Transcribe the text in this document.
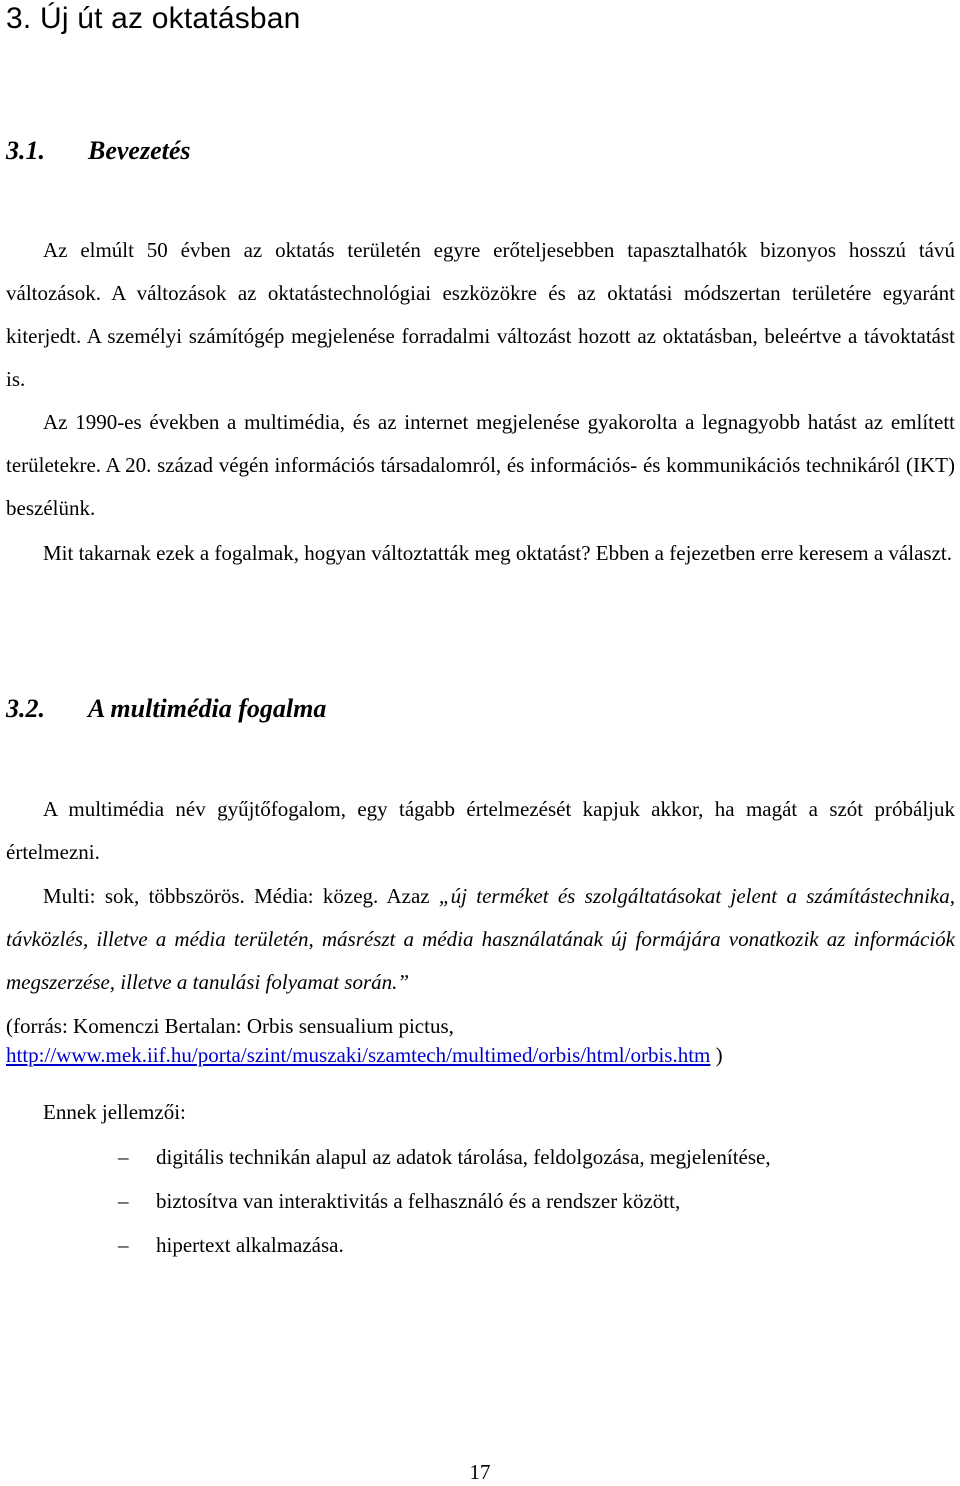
3. Új út az oktatásban
3.1. Bevezetés

Az elmúlt 50 évben az oktatás területén egyre erőteljesebben tapasztalhatók bizonyos hosszú távú változások. A változások az oktatástechnológiai eszközökre és az oktatási módszertan területére egyaránt kiterjedt. A személyi számítógép megjelenése forradalmi változást hozott az oktatásban, beleértve a távoktatást is.

Az 1990-es években a multimédia, és az internet megjelenése gyakorolta a legnagyobb hatást az említett területekre. A 20. század végén információs társadalomról, és információs- és kommunikációs technikáról (IKT) beszélünk.

Mit takarnak ezek a fogalmak, hogyan változtatták meg oktatást? Ebben a fejezetben erre keresem a választ.

3.2. A multimédia fogalma

A multimédia név gyűjtőfogalom, egy tágabb értelmezését kapjuk akkor, ha magát a szót próbáljuk értelmezni.

Multi: sok, többszörös. Média: közeg. Azaz „új terméket és szolgáltatásokat jelent a számítástechnika, távközlés, illetve a média területén, másrészt a média használatának új formájára vonatkozik az információk megszerzése, illetve a tanulási folyamat során.”

(forrás: Komenczi Bertalan: Orbis sensualium pictus,
http://www.mek.iif.hu/porta/szint/muszaki/szamtech/multimed/orbis/html/orbis.htm )

Ennek jellemzői:

– digitális technikán alapul az adatok tárolása, feldolgozása, megjelenítése,
– biztosítva van interaktivitás a felhasználó és a rendszer között,
– hipertext alkalmazása.
17
